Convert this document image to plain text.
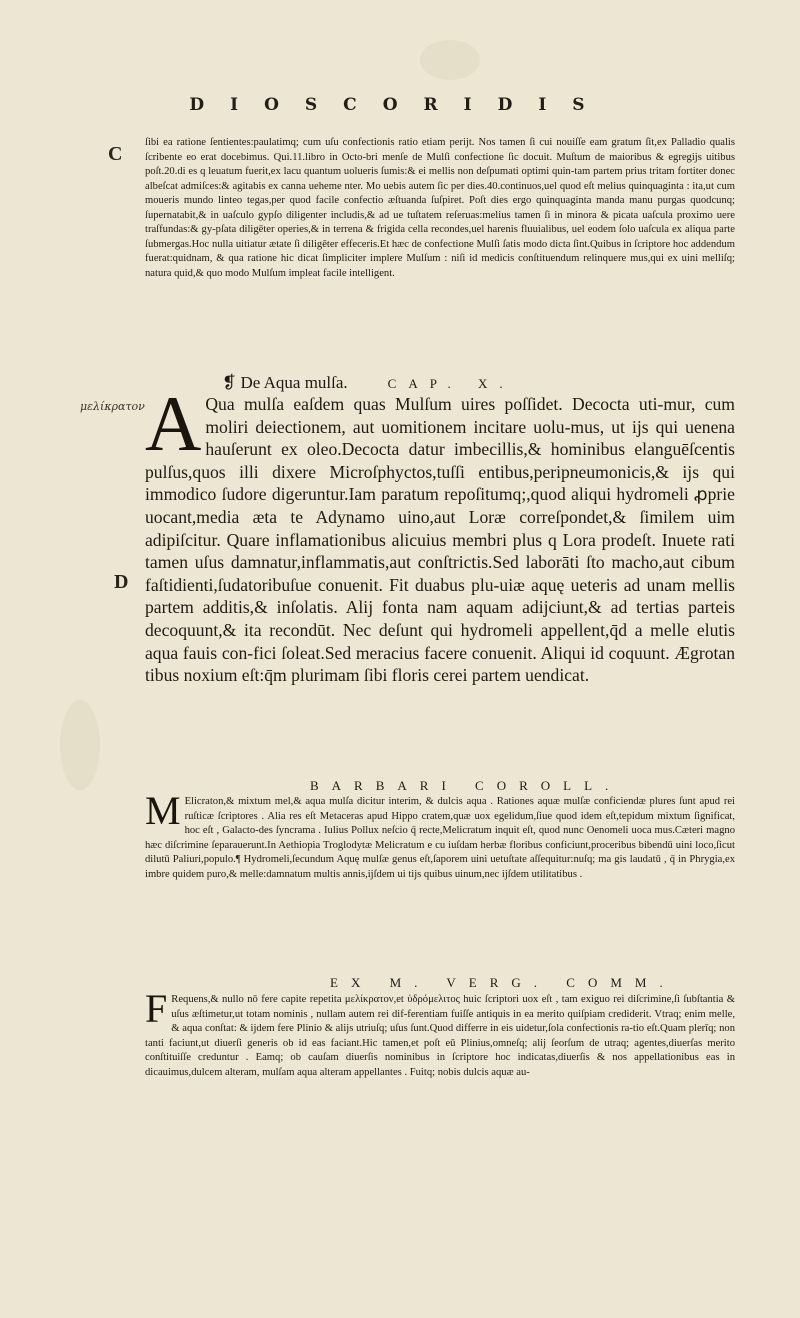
DIOSCORIDIS
C
μελίκρατον
D
ſibi ea ratione ſentientes:paulatimq; cum uſu confectionis ratio etiam perijt. Nos tamen ſi cui nouiſſe eam gratum ſit,ex Palladio qualis ſcribente eo erat docebimus. Qui.11.libro in Octo-bri menſe de Mulſi confectione ſic docuit. Muſtum de maioribus & egregijs uitibus poſt.20.di es q leuatum fuerit,ex lacu quantum uolueris ſumis:& ei mellis non deſpumati optimi quin-tam partem prius tritam fortiter donec albeſcat admiſces:& agitabis ex canna ueheme nter. Mo uebis autem ſic per dies.40.continuos,uel quod eſt melius quinquaginta : ita,ut cum moueris mundo linteo tegas,per quod facile confectio æſtuanda ſuſpiret. Poſt dies ergo quinquaginta manda manu purgas quodcunq; ſupernatabit,& in uaſculo gypſo diligenter includis,& ad ue tuſtatem reſeruas:melius tamen ſi in minora & picata uaſcula proximo uere traſfundas:& gy-pſata diligēter operies,& in terrena & frigida cella recondes,uel harenis fluuialibus, uel eodem ſolo uaſcula ex aliqua parte ſubmergas.Hoc nulla uitiatur ætate ſi diligēter effeceris.Et hæc de confectione Mulſi ſatis modo dicta ſint.Quibus in ſcriptore hoc addendum fuerat:quidnam, & qua ratione hic dicat ſimpliciter implere Mulſum : niſi id medicis conſtituendum relinquere mus,qui ex uini melliſq; natura quid,& quo modo Mulſum impleat facile intelligent.
❡ De Aqua mulſa.	CAP. X.
A Qua mulſa eaſdem quas Mulſum uires poſſidet. Decocta uti-mur, cum moliri deiectionem, aut uomitionem incitare uolu-mus, ut ijs qui uenena hauſerunt ex oleo.Decocta datur imbecillis,& hominibus elanguēſcentis pulſus,quos illi dixere Microſphyctos,tuſſi entibus,peripneumonicis,& ijs qui immodico ſudore digeruntur.Iam paratum repoſitumq;,quod aliqui hydromeli ꝓprie uocant,media æta te Adynamo uino,aut Loræ correſpondet,& ſimilem uim adipiſcitur. Quare inflamationibus alicuius membri plus q Lora prodeſt. Inuete rati tamen uſus damnatur,inflammatis,aut conſtrictis.Sed laborāti ſto macho,aut cibum faſtidienti,ſudatoribuſue conuenit. Fit duabus plu-uiæ aquę ueteris ad unam mellis partem additis,& inſolatis. Alij fonta nam aquam adijciunt,& ad tertias parteis decoquunt,& ita recondūt. Nec deſunt qui hydromeli appellent,q̄d a melle elutis aqua fauis con-fici ſoleat.Sed meracius facere conuenit. Aliqui id coquunt. Ægrotan tibus noxium eſt:q̄m plurimam ſibi floris cerei partem uendicat.
BARBARI COROLL.
M Elicraton,& mixtum mel,& aqua mulſa dicitur interim, & dulcis aqua . Rationes aquæ mulſæ conficiendæ plures ſunt apud rei ruſticæ ſcriptores . Alia res eſt Metaceras apud Hippo cratem,quæ uox egelidum,ſiue quod idem eſt,tepidum mixtum ſignificat, hoc eſt , Galacto-des ſyncrama . Iulius Pollux neſcio q̄ recte,Melicratum inquit eſt, quod nunc Oenomeli uoca mus.Cæteri magno hæc diſcrimine ſeparauerunt.In Aethiopia Troglodytæ Melicratum e cu iuſdam herbæ floribus conficiunt,proceribus bibendū uini loco,ſicut dilutū Paliuri,populo.¶ Hydromeli,ſecundum Aquę mulſæ genus eſt,ſaporem uini uetuſtate aſſequitur:nuſq; ma gis laudatū , q̄ in Phrygia,ex imbre quidem puro,& melle:damnatum multis annis,ijſdem ui tijs quibus uinum,nec ijſdem utilitatibus .
EX M. VERG. COMM.
F Requens,& nullo nō fere capite repetita μελίκρατον,et ὑδρόμελιτος huic ſcriptori uox eſt , tam exiguo rei diſcrimine,ſi ſubſtantia & uſus æſtimetur,ut totam nominis , nullam autem rei dif-ferentiam fuiſſe antiquis in ea merito quiſpiam crediderit. Vtraq; enim melle, & aqua conſtat: & ijdem fere Plinio & alijs utriuſq; uſus ſunt.Quod differre in eis uidetur,ſola confectionis ra-tio eſt.Quam plerīq; non tanti faciunt,ut diuerſi generis ob id eas faciant.Hic tamen,et poſt eū Plinius,omneſq; alij ſeorſum de utraq; agentes,diuerſas merito conſtituiſſe creduntur . Eamq; ob cauſam diuerſis nominibus in ſcriptore hoc indicatas,diuerſis & nos appellationibus eas in dicauimus,dulcem alteram, mulſam aqua alteram appellantes . Fuitq; nobis dulcis aquæ au-
